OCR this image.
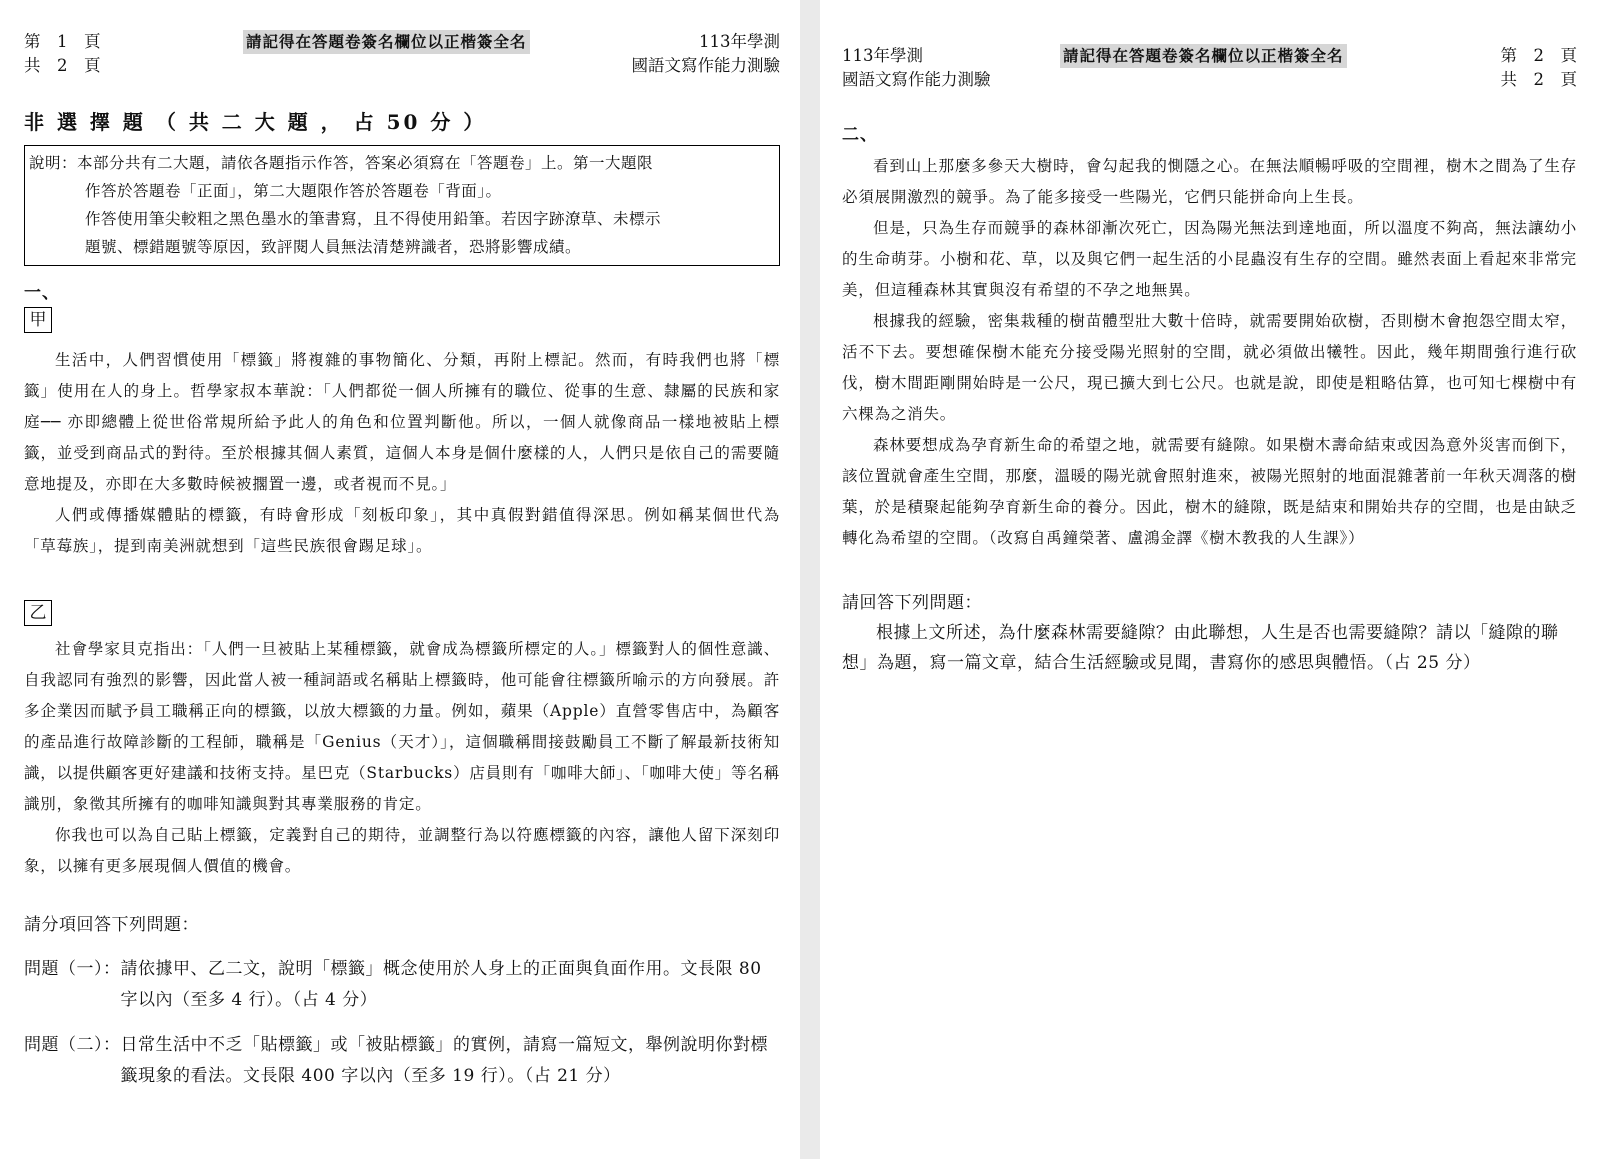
第　1　頁
共　2　頁
請記得在答題卷簽名欄位以正楷簽全名	113年學測
國語文寫作能力測驗
非 選 擇 題 （ 共 二 大 題 ， 占 50 分 ）
說明：本部分共有二大題，請依各題指示作答，答案必須寫在「答題卷」上。第一大題限
作答於答題卷「正面」，第二大題限作答於答題卷「背面」。
作答使用筆尖較粗之黑色墨水的筆書寫，且不得使用鉛筆。若因字跡潦草、未標示
題號、標錯題號等原因，致評閱人員無法清楚辨識者，恐將影響成績。
一、
甲

生活中，人們習慣使用「標籤」將複雜的事物簡化、分類，再附上標記。然而，有時我們也將「標籤」使用在人的身上。哲學家叔本華說：「人們都從一個人所擁有的職位、從事的生意、隸屬的民族和家庭── 亦即總體上從世俗常規所給予此人的角色和位置判斷他。所以，一個人就像商品一樣地被貼上標籤，並受到商品式的對待。至於根據其個人素質，這個人本身是個什麼樣的人，人們只是依自己的需要隨意地提及，亦即在大多數時候被擱置一邊，或者視而不見。」

人們或傳播媒體貼的標籤，有時會形成「刻板印象」，其中真假對錯值得深思。例如稱某個世代為「草莓族」，提到南美洲就想到「這些民族很會踢足球」。

乙

社會學家貝克指出：「人們一旦被貼上某種標籤，就會成為標籤所標定的人。」標籤對人的個性意識、自我認同有強烈的影響，因此當人被一種詞語或名稱貼上標籤時，他可能會往標籤所喻示的方向發展。許多企業因而賦予員工職稱正向的標籤，以放大標籤的力量。例如，蘋果（Apple）直營零售店中，為顧客的產品進行故障診斷的工程師，職稱是「Genius（天才）」，這個職稱間接鼓勵員工不斷了解最新技術知識，以提供顧客更好建議和技術支持。星巴克（Starbucks）店員則有「咖啡大師」、「咖啡大使」等名稱識別，象徵其所擁有的咖啡知識與對其專業服務的肯定。

你我也可以為自己貼上標籤，定義對自己的期待，並調整行為以符應標籤的內容，讓他人留下深刻印象，以擁有更多展現個人價值的機會。

請分項回答下列問題：

問題（一）： 請依據甲、乙二文，說明「標籤」概念使用於人身上的正面與負面作用。文長限 80 字以內（至多 4 行）。（占 4 分）
問題（二）： 日常生活中不乏「貼標籤」或「被貼標籤」的實例，請寫一篇短文，舉例說明你對標籤現象的看法。文長限 400 字以內（至多 19 行）。（占 21 分）
113年學測
國語文寫作能力測驗
請記得在答題卷簽名欄位以正楷簽全名	第　2　頁
共　2　頁
二、

看到山上那麼多參天大樹時，會勾起我的惻隱之心。在無法順暢呼吸的空間裡，樹木之間為了生存必須展開激烈的競爭。為了能多接受一些陽光，它們只能拼命向上生長。

但是，只為生存而競爭的森林卻漸次死亡，因為陽光無法到達地面，所以溫度不夠高，無法讓幼小的生命萌芽。小樹和花、草，以及與它們一起生活的小昆蟲沒有生存的空間。雖然表面上看起來非常完美，但這種森林其實與沒有希望的不孕之地無異。

根據我的經驗，密集栽種的樹苗體型壯大數十倍時，就需要開始砍樹，否則樹木會抱怨空間太窄，活不下去。要想確保樹木能充分接受陽光照射的空間，就必須做出犧牲。因此，幾年期間強行進行砍伐，樹木間距剛開始時是一公尺，現已擴大到七公尺。也就是說，即使是粗略估算，也可知七棵樹中有六棵為之消失。

森林要想成為孕育新生命的希望之地，就需要有縫隙。如果樹木壽命結束或因為意外災害而倒下，該位置就會產生空間，那麼，溫暖的陽光就會照射進來，被陽光照射的地面混雜著前一年秋天凋落的樹葉，於是積聚起能夠孕育新生命的養分。因此，樹木的縫隙，既是結束和開始共存的空間，也是由缺乏轉化為希望的空間。（改寫自禹鐘榮著、盧鴻金譯《樹木教我的人生課》）

請回答下列問題：

根據上文所述，為什麼森林需要縫隙？由此聯想，人生是否也需要縫隙？請以「縫隙的聯想」為題，寫一篇文章，結合生活經驗或見聞，書寫你的感思與體悟。（占 25 分）
